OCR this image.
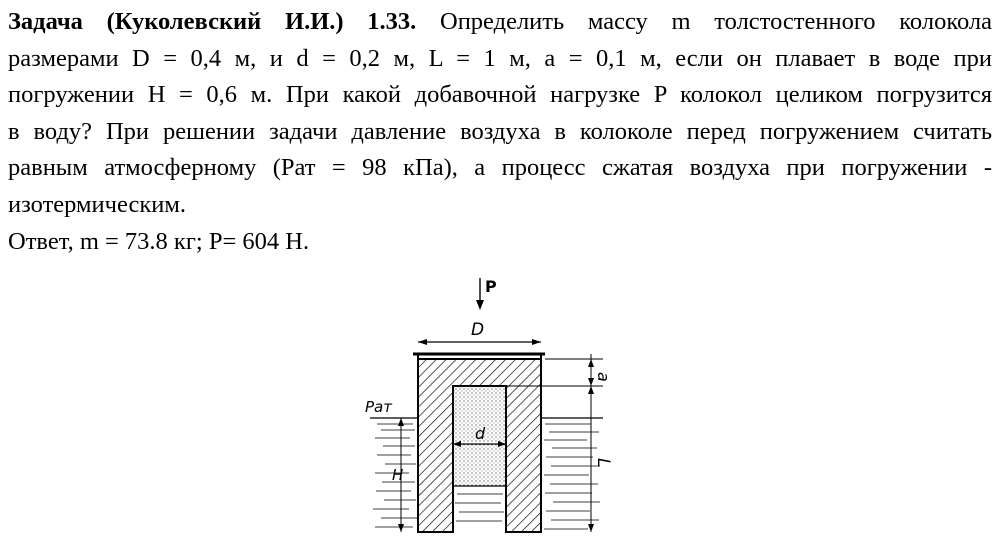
Задача (Куколевский И.И.) 1.33. Определить массу m толстостенного колокола
размерами D = 0,4 м, и d = 0,2 м, L = 1 м, a = 0,1 м, если он плавает в воде при
погружении H = 0,6 м. При какой добавочной нагрузке P колокол целиком погрузится
в воду? При решении задачи давление воздуха в колоколе перед погружением считать
равным атмосферному (Pат = 98 кПа), а процесс сжатая воздуха при погружении -
изотермическим.
Ответ, m = 73.8 кг; P= 604 Н.
d
D
P
a
L
Pат
H
